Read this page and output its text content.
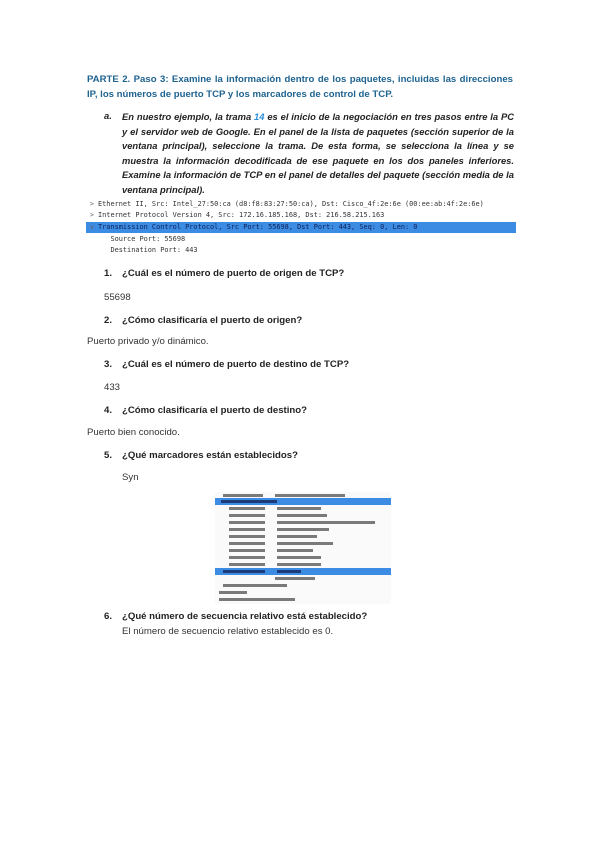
PARTE 2. Paso 3: Examine la información dentro de los paquetes, incluidas las direcciones IP, los números de puerto TCP y los marcadores de control de TCP.
a. En nuestro ejemplo, la trama 14 es el inicio de la negociación en tres pasos entre la PC y el servidor web de Google. En el panel de la lista de paquetes (sección superior de la ventana principal), seleccione la trama. De esta forma, se selecciona la línea y se muestra la información decodificada de ese paquete en los dos paneles inferiores. Examine la información de TCP en el panel de detalles del paquete (sección media de la ventana principal).
> Ethernet II, Src: Intel_27:50:ca (d8:f8:83:27:50:ca), Dst: Cisco_4f:2e:6e (00:ee:ab:4f:2e:6e)
> Internet Protocol Version 4, Src: 172.16.185.168, Dst: 216.58.215.163
v Transmission Control Protocol, Src Port: 55698, Dst Port: 443, Seq: 0, Len: 0
Source Port: 55698
Destination Port: 443
1. ¿Cuál es el número de puerto de origen de TCP?
55698
2. ¿Cómo clasificaría el puerto de origen?
Puerto privado y/o dinámico.
3. ¿Cuál es el número de puerto de destino de TCP?
433
4. ¿Cómo clasificaría el puerto de destino?
Puerto bien conocido.
5. ¿Qué marcadores están establecidos?
Syn
6. ¿Qué número de secuencia relativo está establecido?
El número de secuencio relativo establecido es 0.
